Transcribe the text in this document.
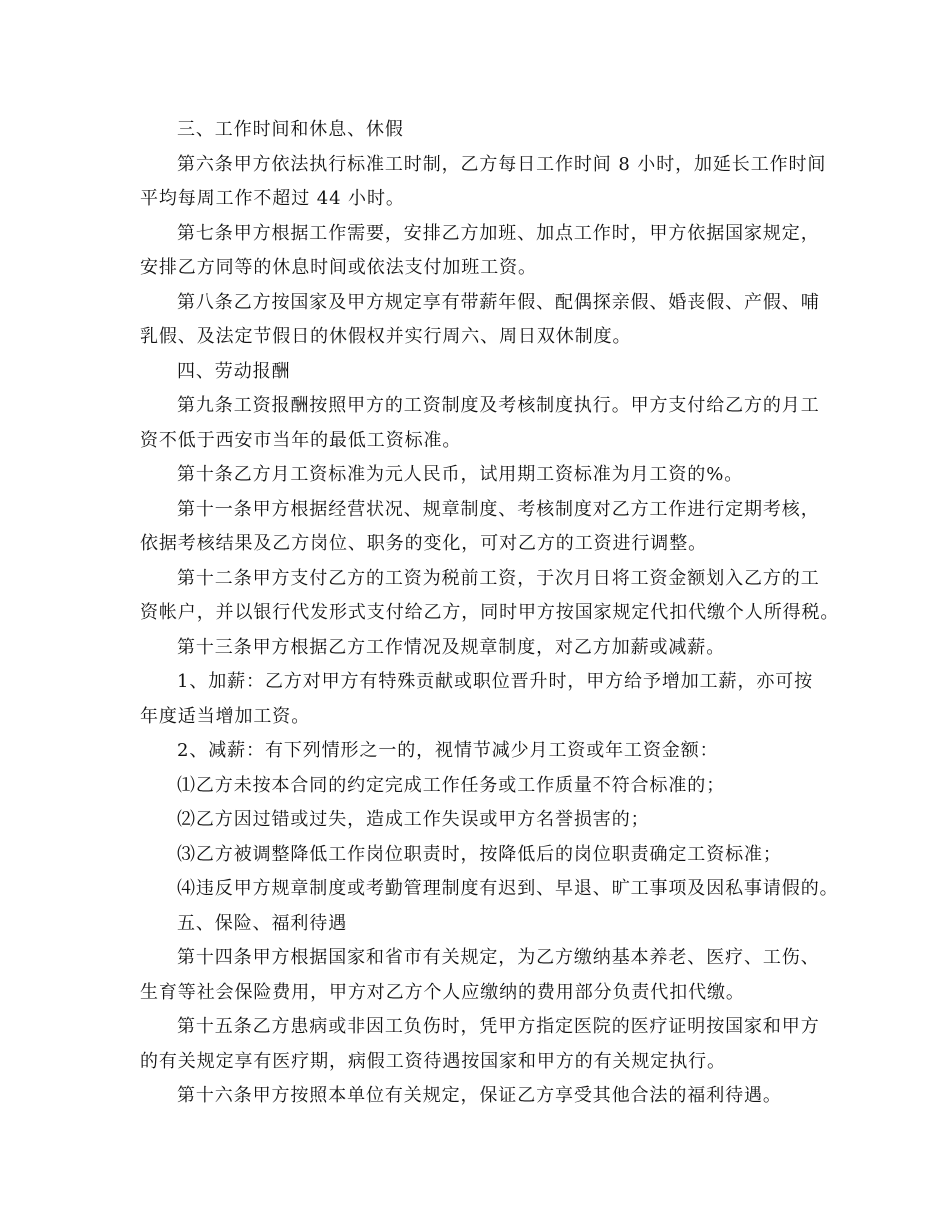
三、工作时间和休息、休假
第六条甲方依法执行标准工时制，乙方每日工作时间 8 小时，加延长工作时间
平均每周工作不超过 44 小时。
第七条甲方根据工作需要，安排乙方加班、加点工作时，甲方依据国家规定，
安排乙方同等的休息时间或依法支付加班工资。
第八条乙方按国家及甲方规定享有带薪年假、配偶探亲假、婚丧假、产假、哺
乳假、及法定节假日的休假权并实行周六、周日双休制度。
四、劳动报酬
第九条工资报酬按照甲方的工资制度及考核制度执行。甲方支付给乙方的月工
资不低于西安市当年的最低工资标准。
第十条乙方月工资标准为元人民币，试用期工资标准为月工资的%。
第十一条甲方根据经营状况、规章制度、考核制度对乙方工作进行定期考核，
依据考核结果及乙方岗位、职务的变化，可对乙方的工资进行调整。
第十二条甲方支付乙方的工资为税前工资，于次月日将工资金额划入乙方的工
资帐户，并以银行代发形式支付给乙方，同时甲方按国家规定代扣代缴个人所得税。
第十三条甲方根据乙方工作情况及规章制度，对乙方加薪或减薪。
1、加薪：乙方对甲方有特殊贡献或职位晋升时，甲方给予增加工薪，亦可按
年度适当增加工资。
2、减薪：有下列情形之一的，视情节减少月工资或年工资金额：
⑴乙方未按本合同的约定完成工作任务或工作质量不符合标准的；
⑵乙方因过错或过失，造成工作失误或甲方名誉损害的；
⑶乙方被调整降低工作岗位职责时，按降低后的岗位职责确定工资标准；
⑷违反甲方规章制度或考勤管理制度有迟到、早退、旷工事项及因私事请假的。
五、保险、福利待遇
第十四条甲方根据国家和省市有关规定，为乙方缴纳基本养老、医疗、工伤、
生育等社会保险费用，甲方对乙方个人应缴纳的费用部分负责代扣代缴。
第十五条乙方患病或非因工负伤时，凭甲方指定医院的医疗证明按国家和甲方
的有关规定享有医疗期，病假工资待遇按国家和甲方的有关规定执行。
第十六条甲方按照本单位有关规定，保证乙方享受其他合法的福利待遇。
